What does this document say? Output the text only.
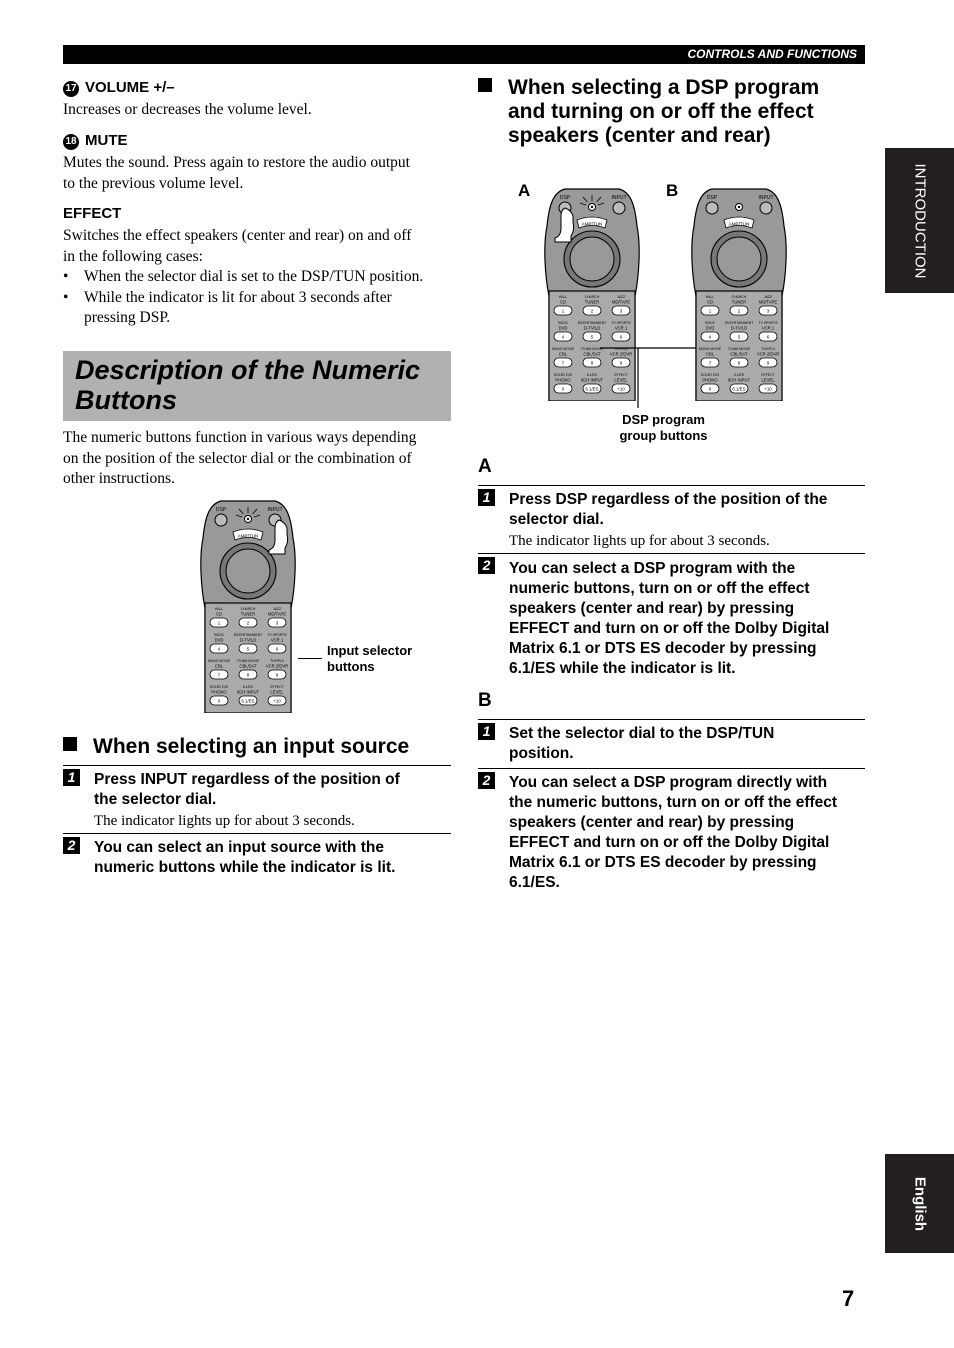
CONTROLS AND FUNCTIONS
INTRODUCTION
English
17 VOLUME +/–
Increases or decreases the volume level.
18 MUTE
Mutes the sound. Press again to restore the audio output
to the previous volume level.
EFFECT
Switches the effect speakers (center and rear) on and off
in the following cases:
• When the selector dial is set to the DSP/TUN position.
• While the indicator is lit for about 3 seconds after
pressing DSP.
Description of the Numeric
Buttons
The numeric buttons function in various ways depending
on the position of the selector dial or the combination of
other instructions.
DSP	INPUT
AMP/TUN
HALL
CD
1
CHURCH
TUNER
2
JAZZ
MD/TAPE
3
ROCK
DVD
4
ENTERTAINMENT
D-TV/LD
5
TV SPORTS
VCR 1
6
MONO MOVIE
CBL
7
70-MM MOVIE
CBL/SAT
8
THX/PLII
VCR 2/DVR
9
DOLBY DIG
PHONO
0
6.1/ES
6CH INPUT
6.1/ES
EFFECT
LEVEL
+10
Input selector
buttons
When selecting an input source
1 Press INPUT regardless of the position of
the selector dial.
The indicator lights up for about 3 seconds.
2 You can select an input source with the
numeric buttons while the indicator is lit.
When selecting a DSP program
and turning on or off the effect
speakers (center and rear)
A	B
DSP	INPUT
AMP/TUN
HALL
CD
1
CHURCH
TUNER
2
JAZZ
MD/TAPE
3
ROCK
DVD
4
ENTERTAINMENT
D-TV/LD
5
TV SPORTS
VCR 1
6
MONO MOVIE
CBL
7
70-MM MOVIE
CBL/SAT
8
THX/PLII
VCR 2/DVR
9
DOLBY DIG
PHONO
0
6.1/ES
6CH INPUT
6.1/ES
EFFECT
LEVEL
+10
DSP	INPUT
AMP/TUN
HALL
CD
1
CHURCH
TUNER
2
JAZZ
MD/TAPE
3
ROCK
DVD
4
ENTERTAINMENT
D-TV/LD
5
TV SPORTS
VCR 1
6
MONO MOVIE
CBL
7
70-MM MOVIE
CBL/SAT
8
THX/PLII
VCR 2/DVR
9
DOLBY DIG
PHONO
0
6.1/ES
6CH INPUT
6.1/ES
EFFECT
LEVEL
+10
DSP program
group buttons
A
1 Press DSP regardless of the position of the
selector dial.
The indicator lights up for about 3 seconds.
2 You can select a DSP program with the
numeric buttons, turn on or off the effect
speakers (center and rear) by pressing
EFFECT and turn on or off the Dolby Digital
Matrix 6.1 or DTS ES decoder by pressing
6.1/ES while the indicator is lit.
B
1 Set the selector dial to the DSP/TUN
position.
2 You can select a DSP program directly with
the numeric buttons, turn on or off the effect
speakers (center and rear) by pressing
EFFECT and turn on or off the Dolby Digital
Matrix 6.1 or DTS ES decoder by pressing
6.1/ES.
7
